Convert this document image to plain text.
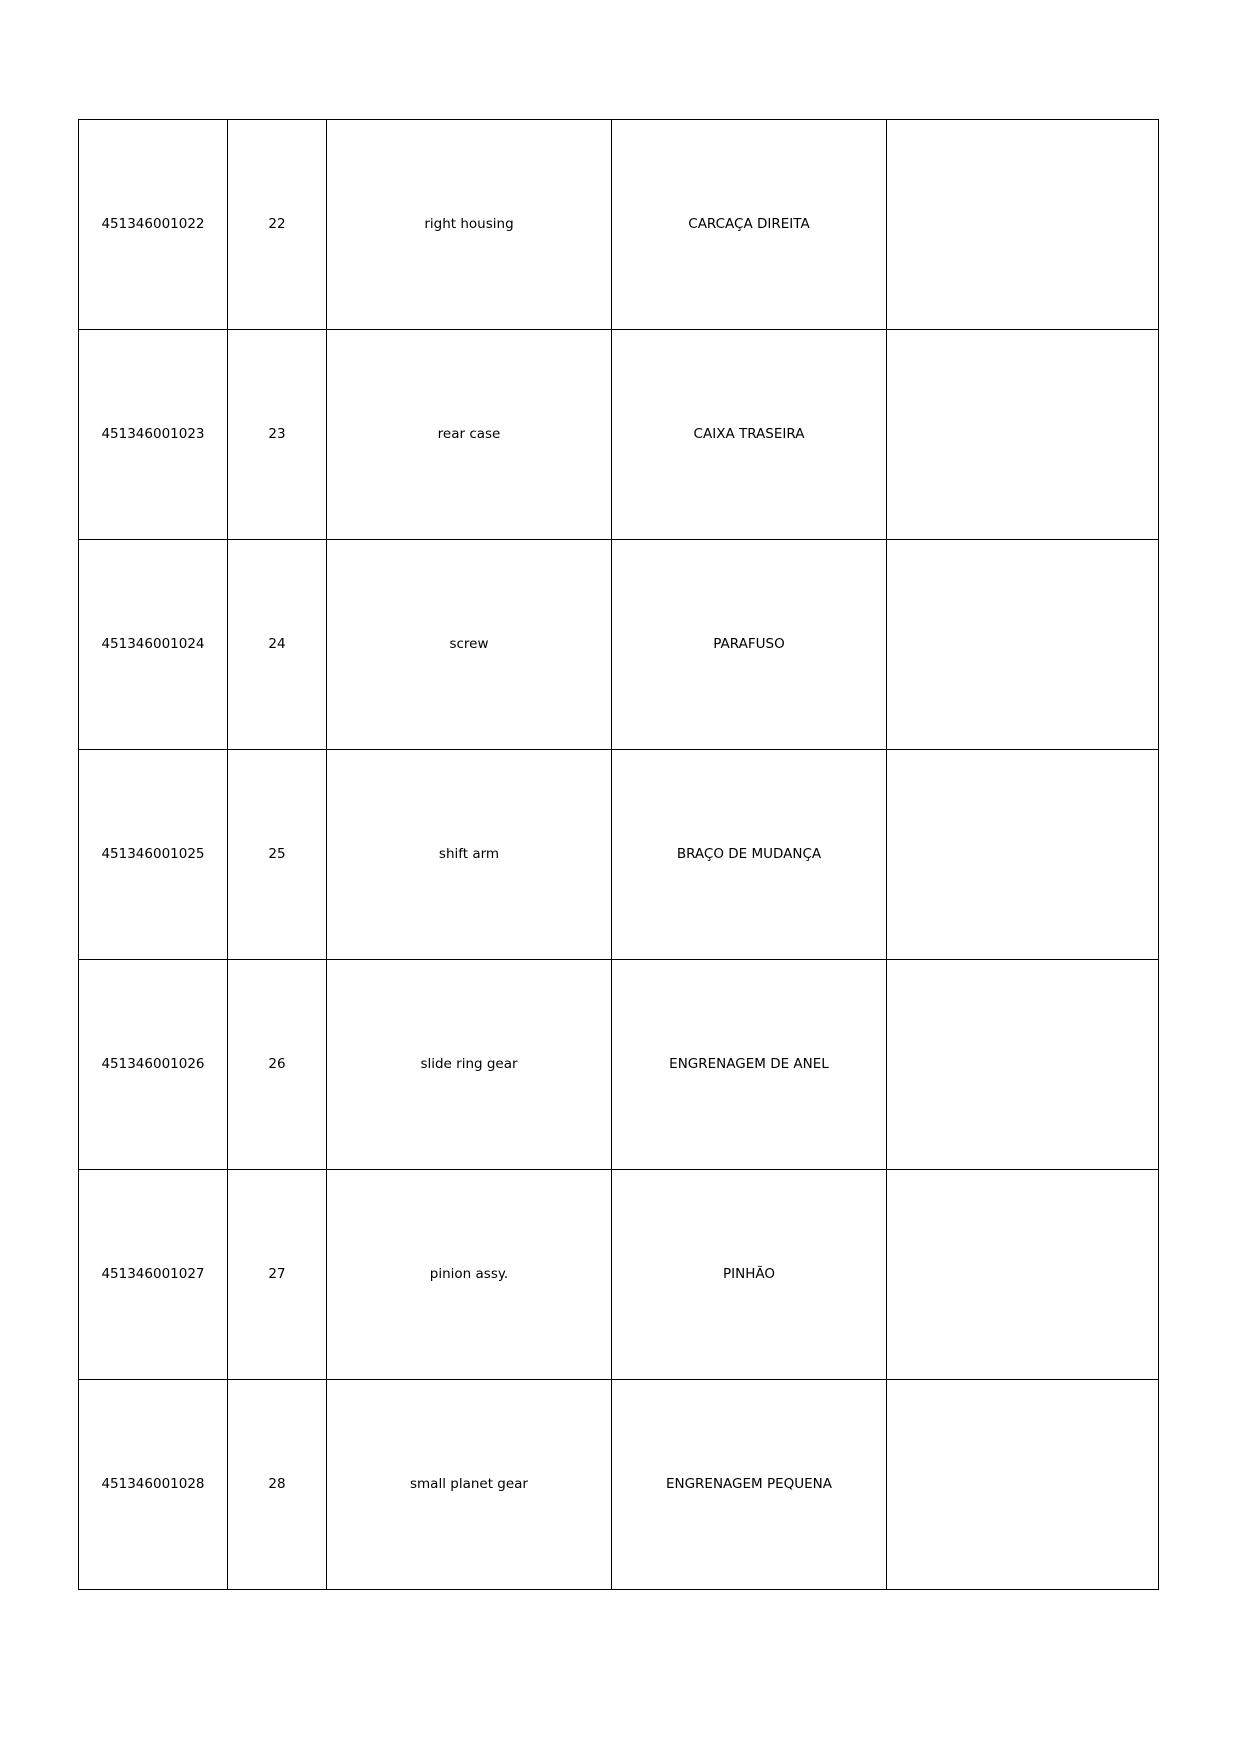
451346001022	22	right housing	CARCAÇA DIREITA	
451346001023	23	rear case	CAIXA TRASEIRA	
451346001024	24	screw	PARAFUSO	
451346001025	25	shift arm	BRAÇO DE MUDANÇA	
451346001026	26	slide ring gear	ENGRENAGEM DE ANEL	
451346001027	27	pinion assy.	PINHÃO	
451346001028	28	small planet gear	ENGRENAGEM PEQUENA	
